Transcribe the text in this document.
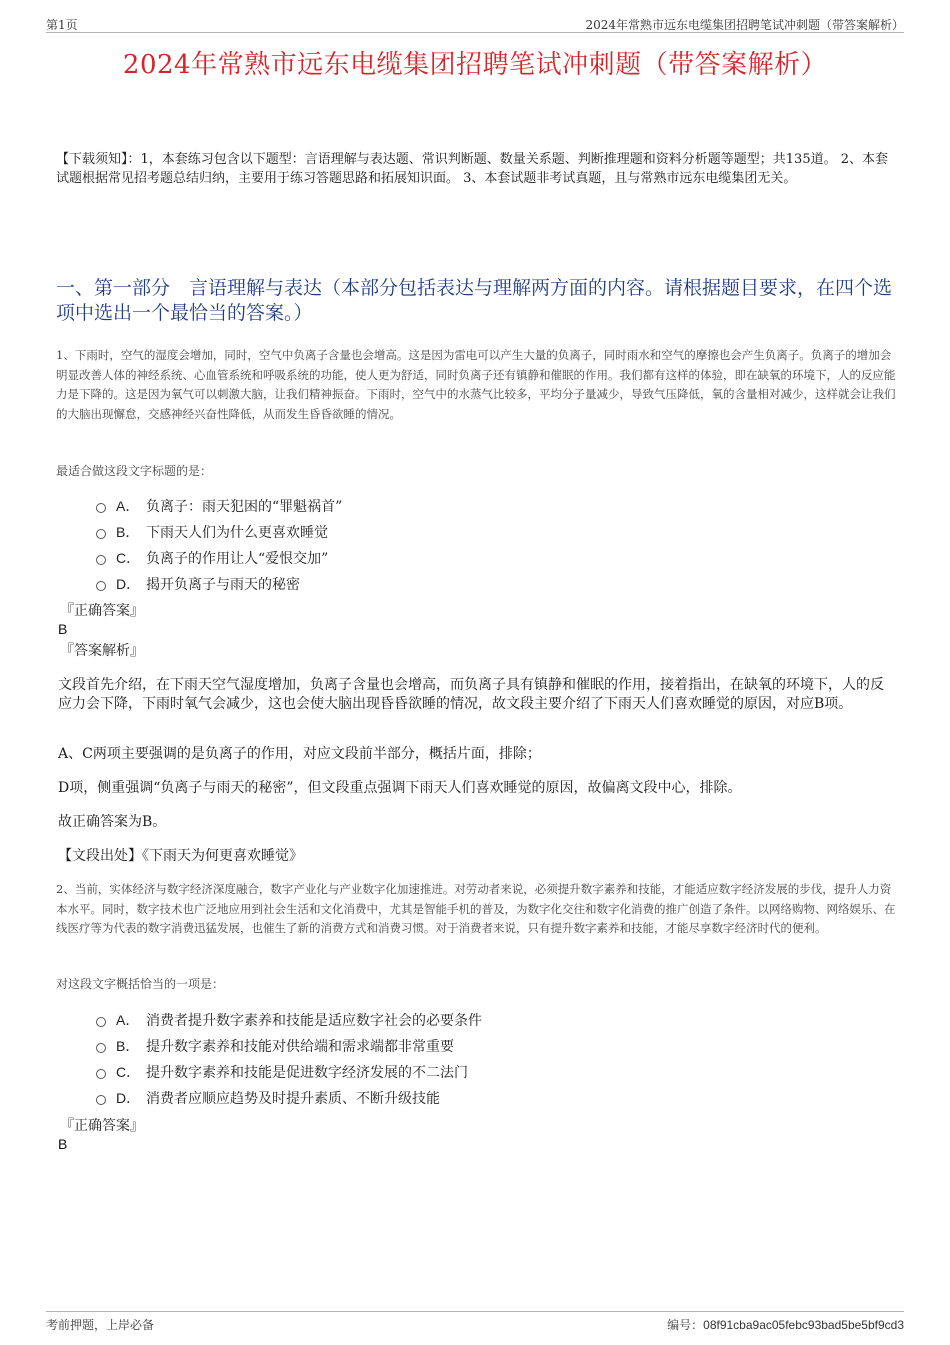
第1页	2024年常熟市远东电缆集团招聘笔试冲刺题（带答案解析）
2024年常熟市远东电缆集团招聘笔试冲刺题（带答案解析）
【下载须知】：1，本套练习包含以下题型：言语理解与表达题、常识判断题、数量关系题、判断推理题和资料分析题等题型；共135道。 2、本套试题根据常见招考题总结归纳，主要用于练习答题思路和拓展知识面。 3、本套试题非考试真题，且与常熟市远东电缆集团无关。
一、第一部分　言语理解与表达（本部分包括表达与理解两方面的内容。请根据题目要求，在四个选项中选出一个最恰当的答案。）
1、下雨时，空气的湿度会增加，同时，空气中负离子含量也会增高。这是因为雷电可以产生大量的负离子，同时雨水和空气的摩擦也会产生负离子。负离子的增加会明显改善人体的神经系统、心血管系统和呼吸系统的功能，使人更为舒适，同时负离子还有镇静和催眠的作用。我们都有这样的体验，即在缺氧的环境下，人的反应能力是下降的。这是因为氧气可以刺激大脑，让我们精神振奋。下雨时，空气中的水蒸气比较多，平均分子量减少，导致气压降低，氧的含量相对减少，这样就会让我们的大脑出现懈怠，交感神经兴奋性降低，从而发生昏昏欲睡的情况。
最适合做这段文字标题的是：
A． 负离子：雨天犯困的“罪魁祸首”
B． 下雨天人们为什么更喜欢睡觉
C． 负离子的作用让人“爱恨交加”
D． 揭开负离子与雨天的秘密
『正确答案』
B
『答案解析』
文段首先介绍，在下雨天空气湿度增加，负离子含量也会增高，而负离子具有镇静和催眠的作用，接着指出，在缺氧的环境下，人的反应力会下降，下雨时氧气会减少，这也会使大脑出现昏昏欲睡的情况，故文段主要介绍了下雨天人们喜欢睡觉的原因，对应B项。
A、C两项主要强调的是负离子的作用，对应文段前半部分，概括片面，排除；
D项，侧重强调“负离子与雨天的秘密”，但文段重点强调下雨天人们喜欢睡觉的原因，故偏离文段中心，排除。
故正确答案为B。
【文段出处】《下雨天为何更喜欢睡觉》
2、当前，实体经济与数字经济深度融合，数字产业化与产业数字化加速推进。对劳动者来说，必须提升数字素养和技能，才能适应数字经济发展的步伐，提升人力资本水平。同时，数字技术也广泛地应用到社会生活和文化消费中，尤其是智能手机的普及，为数字化交往和数字化消费的推广创造了条件。以网络购物、网络娱乐、在线医疗等为代表的数字消费迅猛发展，也催生了新的消费方式和消费习惯。对于消费者来说，只有提升数字素养和技能，才能尽享数字经济时代的便利。
对这段文字概括恰当的一项是：
A． 消费者提升数字素养和技能是适应数字社会的必要条件
B． 提升数字素养和技能对供给端和需求端都非常重要
C． 提升数字素养和技能是促进数字经济发展的不二法门
D． 消费者应顺应趋势及时提升素质、不断升级技能
『正确答案』
B
考前押题，上岸必备	编号：08f91cba9ac05febc93bad5be5bf9cd3
